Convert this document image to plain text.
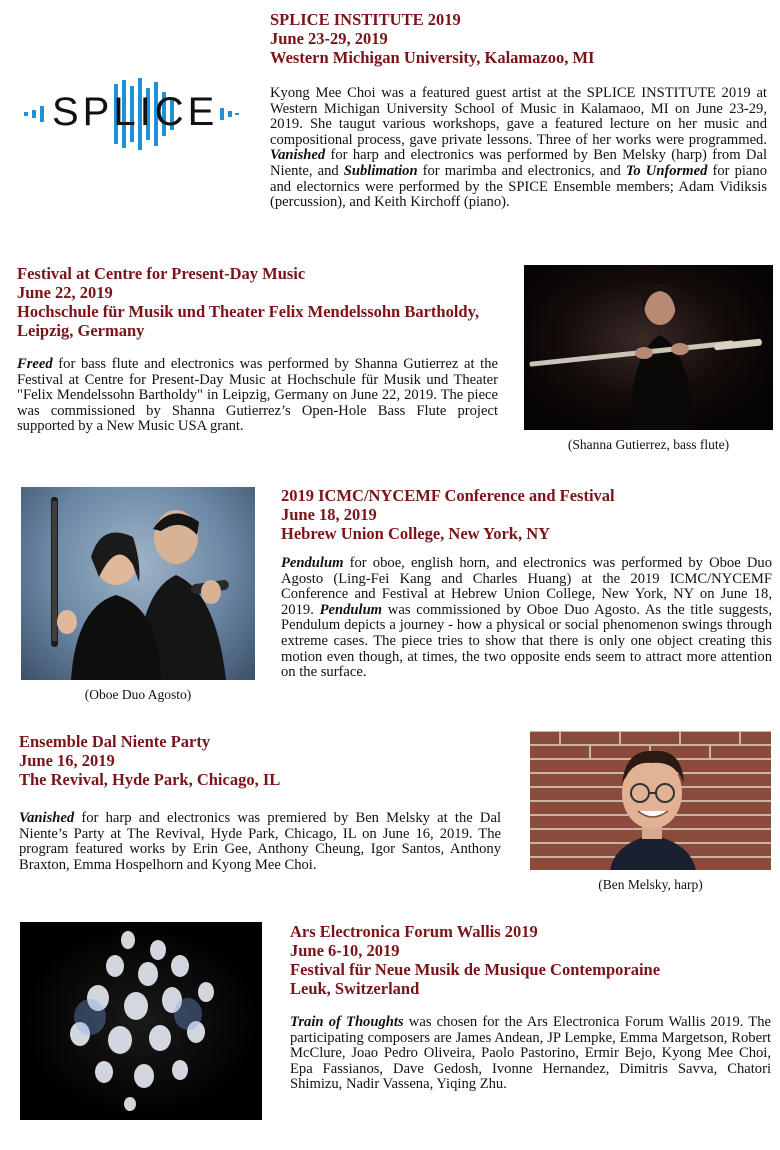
SPLICE

SPLICE INSTITUTE 2019

June 23-29, 2019

Western Michigan University, Kalamazoo, MI

Kyong Mee Choi was a featured guest artist at the SPLICE INSTITUTE 2019 at Western Michigan University School of Music in Kalamaoo, MI on June 23-29, 2019. She taugut various workshops, gave a featured lecture on her music and compositional process, gave private lessons. Three of her works were programmed. Vanished for harp and electronics was performed by Ben Melsky (harp) from Dal Niente, and Sublimation for marimba and electronics, and To Unformed for piano and electornics were performed by the SPICE Ensemble members; Adam Vidiksis (percussion), and Keith Kirchoff (piano).

Festival at Centre for Present-Day Music

June 22, 2019

Hochschule für Musik und Theater Felix Mendelssohn Bartholdy, Leipzig, Germany

Freed for bass flute and electronics was performed by Shanna Gutierrez at the Festival at Centre for Present-Day Music at Hochschule für Musik und Theater "Felix Mendelssohn Bartholdy" in Leipzig, Germany on June 22, 2019. The piece was commissioned by Shanna Gutierrez’s Open-Hole Bass Flute project supported by a New Music USA grant.

(Shanna Gutierrez, bass flute)
(Oboe Duo Agosto)

2019 ICMC/NYCEMF Conference and Festival

June 18, 2019

Hebrew Union College, New York, NY

Pendulum for oboe, english horn, and electronics was performed by Oboe Duo Agosto (Ling-Fei Kang and Charles Huang) at the 2019 ICMC/NYCEMF Conference and Festival at Hebrew Union College, New York, NY on June 18, 2019. Pendulum was commissioned by Oboe Duo Agosto. As the title suggests, Pendulum depicts a journey - how a physical or social phenomenon swings through extreme cases. The piece tries to show that there is only one object creating this motion even though, at times, the two opposite ends seem to attract more attention on the surface.

Ensemble Dal Niente Party

June 16, 2019

The Revival, Hyde Park, Chicago, IL

Vanished for harp and electronics was premiered by Ben Melsky at the Dal Niente’s Party at The Revival, Hyde Park, Chicago, IL on June 16, 2019. The program featured works by Erin Gee, Anthony Cheung, Igor Santos, Anthony Braxton, Emma Hospelhorn and Kyong Mee Choi.

(Ben Melsky, harp)

Ars Electronica Forum Wallis 2019

June 6-10, 2019

Festival für Neue Musik de Musique Contemporaine

Leuk, Switzerland

Train of Thoughts was chosen for the Ars Electronica Forum Wallis 2019. The participating composers are James Andean, JP Lempke, Emma Margetson, Robert McClure, Joao Pedro Oliveira, Paolo Pastorino, Ermir Bejo, Kyong Mee Choi, Epa Fassianos, Dave Gedosh, Ivonne Hernandez, Dimitris Savva, Chatori Shimizu, Nadir Vassena, Yiqing Zhu.
